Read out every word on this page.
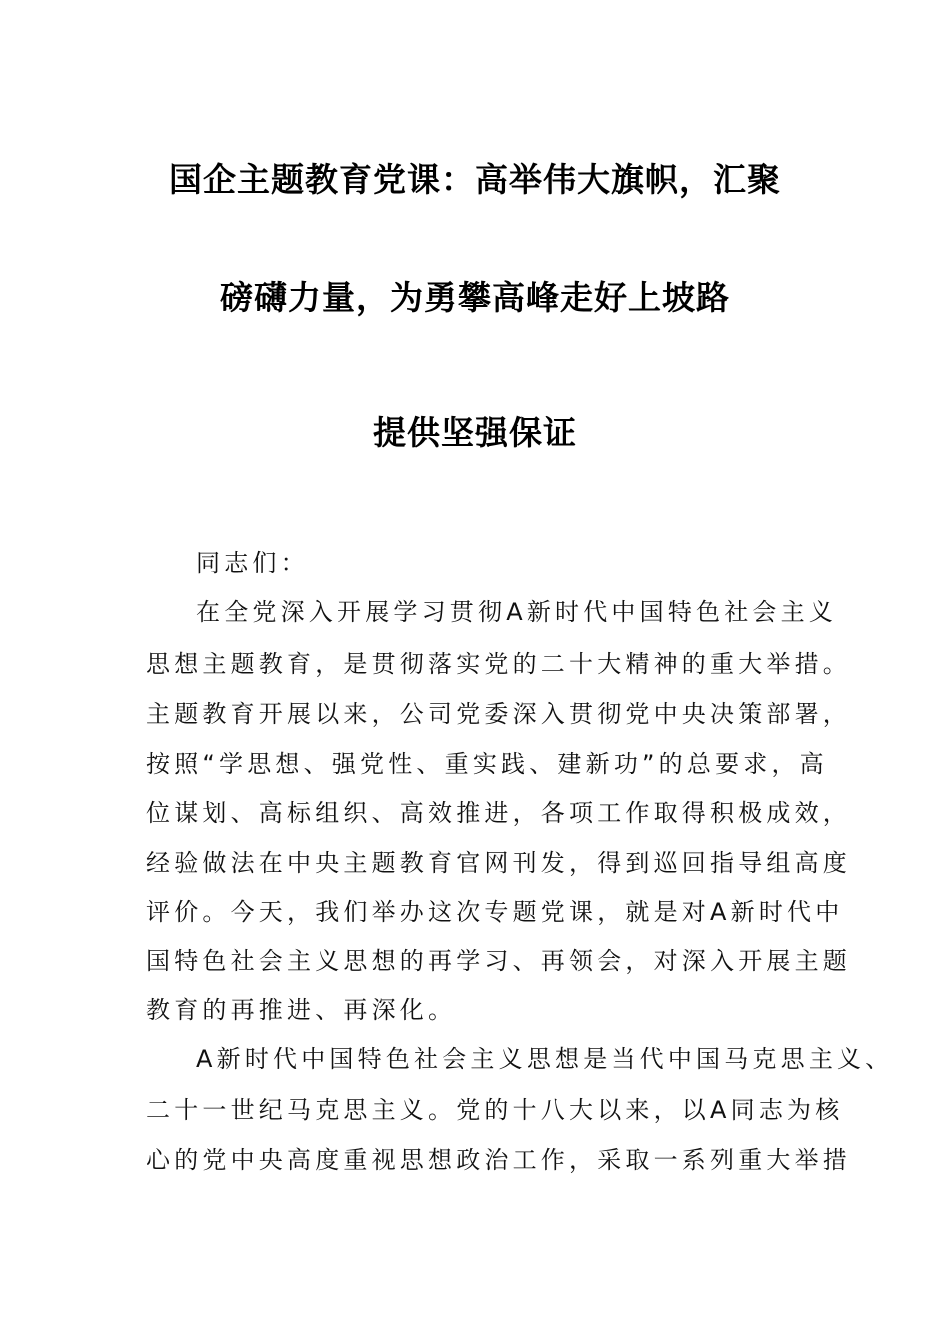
国企主题教育党课：高举伟大旗帜，汇聚
磅礴力量，为勇攀高峰走好上坡路
提供坚强保证
同志们：
在全党深入开展学习贯彻A新时代中国特色社会主义
思想主题教育，是贯彻落实党的二十大精神的重大举措。
主题教育开展以来，公司党委深入贯彻党中央决策部署，
按照“学思想、强党性、重实践、建新功”的总要求，高
位谋划、高标组织、高效推进，各项工作取得积极成效，
经验做法在中央主题教育官网刊发，得到巡回指导组高度
评价。今天，我们举办这次专题党课，就是对A新时代中
国特色社会主义思想的再学习、再领会，对深入开展主题
教育的再推进、再深化。
A新时代中国特色社会主义思想是当代中国马克思主义、
二十一世纪马克思主义。党的十八大以来，以A同志为核
心的党中央高度重视思想政治工作，采取一系列重大举措
